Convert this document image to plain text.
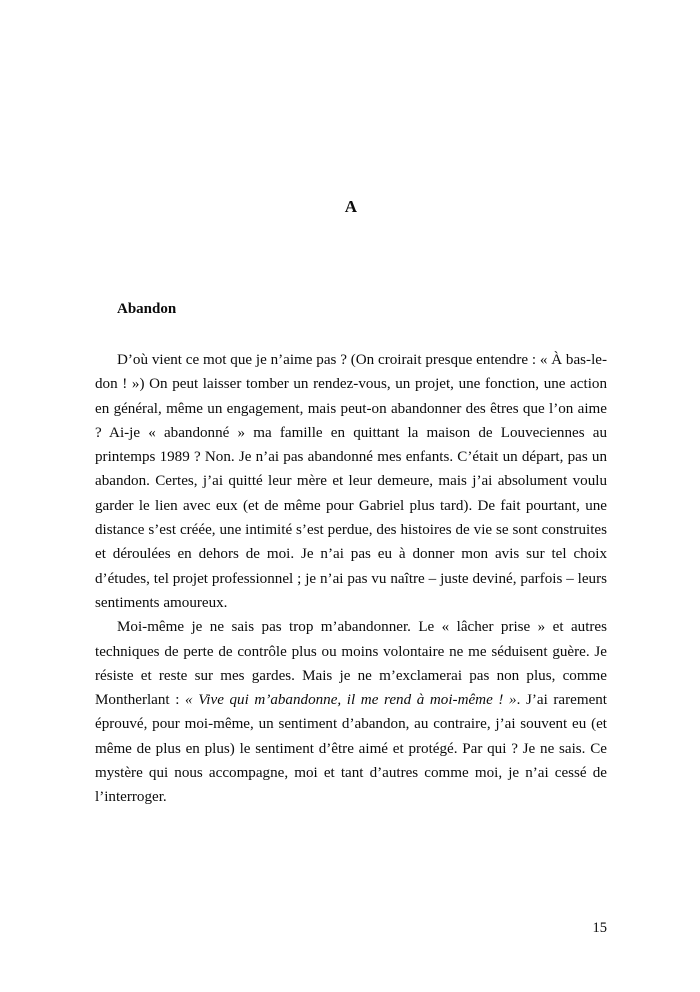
A
Abandon

D’où vient ce mot que je n’aime pas ? (On croirait presque entendre : « À bas-le-don ! ») On peut laisser tomber un rendez-vous, un projet, une fonction, une action en général, même un engagement, mais peut-on abandonner des êtres que l’on aime ? Ai-je « abandonné » ma famille en quittant la maison de Louveciennes au printemps 1989 ? Non. Je n’ai pas abandonné mes enfants. C’était un départ, pas un abandon. Certes, j’ai quitté leur mère et leur demeure, mais j’ai absolument voulu garder le lien avec eux (et de même pour Gabriel plus tard). De fait pourtant, une distance s’est créée, une intimité s’est perdue, des histoires de vie se sont construites et déroulées en dehors de moi. Je n’ai pas eu à donner mon avis sur tel choix d’études, tel projet professionnel ; je n’ai pas vu naître – juste deviné, parfois – leurs sentiments amoureux.

Moi-même je ne sais pas trop m’abandonner. Le « lâcher prise » et autres techniques de perte de contrôle plus ou moins volontaire ne me séduisent guère. Je résiste et reste sur mes gardes. Mais je ne m’exclamerai pas non plus, comme Montherlant : « Vive qui m’abandonne, il me rend à moi-même ! ». J’ai rarement éprouvé, pour moi-même, un sentiment d’abandon, au contraire, j’ai souvent eu (et même de plus en plus) le sentiment d’être aimé et protégé. Par qui ? Je ne sais. Ce mystère qui nous accompagne, moi et tant d’autres comme moi, je n’ai cessé de l’interroger.

15
